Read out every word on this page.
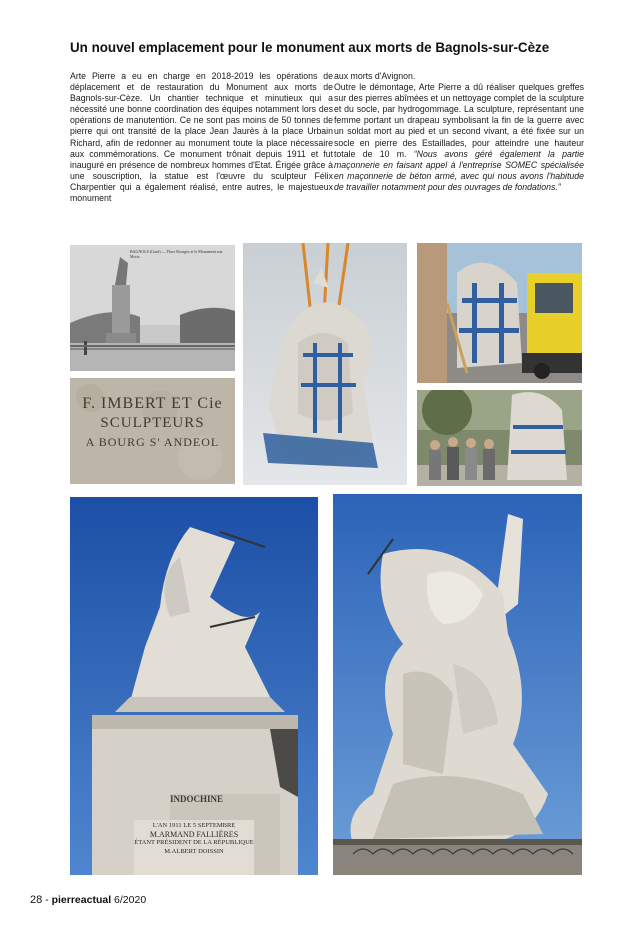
Un nouvel emplacement pour le monument aux morts de Bagnols-sur-Cèze

Arte Pierre a eu en charge en 2018-2019 les opérations de déplacement et de restauration du Monument aux morts de Bagnols-sur-Cèze. Un chantier technique et minutieux qui a nécessité une bonne coordination des équipes notamment lors des opérations de manutention. Ce ne sont pas moins de 50 tonnes de pierre qui ont transité de la place Jean Jaurès à la place Urbain Richard, afin de redonner au monument toute la place nécessaire aux commémorations. Ce monument trônait depuis 1911 et fut inauguré en présence de nombreux hommes d'Etat. Érigée grâce à une souscription, la statue est l'œuvre du sculpteur Félix Charpentier qui a également réalisé, entre autres, le majestueux monument

aux morts d'Avignon.

Outre le démontage, Arte Pierre a dû réaliser quelques greffes sur des pierres abîmées et un nettoyage complet de la sculpture et du socle, par hydrogommage. La sculpture, représentant une femme portant un drapeau symbolisant la fin de la guerre avec un soldat mort au pied et un second vivant, a été fixée sur un socle en pierre des Estaillades, pour atteindre une hauteur totale de 10 m. “Nous avons géré également la partie maçonnerie en faisant appel à l'entreprise SOMEC spécialisée en maçonnerie de béton armé, avec qui nous avons l'habitude de travailler notamment pour des ouvrages de fondations.”

BAGNOLS (Gard) — Place Bourges et le Monument aux Morts
F. IMBERT ET Cie
SCULPTEURS
A BOURG S' ANDEOL
INDOCHINE
L'AN 1911 LE 5 SEPTEMBRE
M.ARMAND FALLIÈRES
ÉTANT PRÉSIDENT DE LA RÉPUBLIQUE
M.ALBERT DOISSIN
28 - pierreactual 6/2020
